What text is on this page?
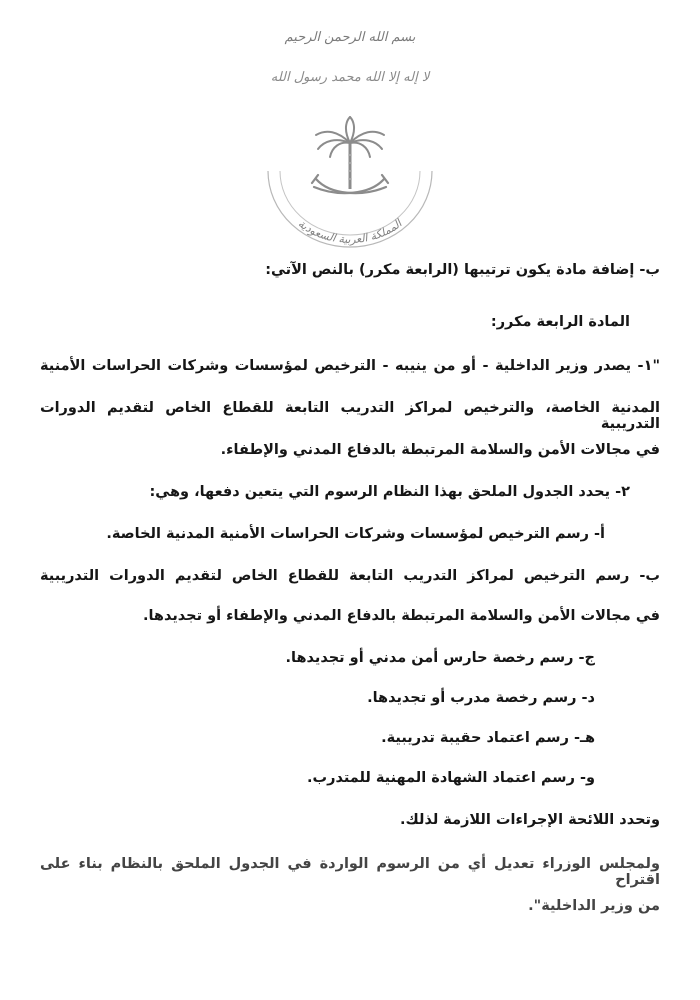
بسم الله الرحمن الرحيم
لا إله إلا الله محمد رسول الله
المملكة العربية السعودية
ب- إضافة مادة يكون ترتيبها (الرابعة مكرر) بالنص الآتي:
المادة الرابعة مكرر:
"١- يصدر وزير الداخلية - أو من ينيبه - الترخيص لمؤسسات وشركات الحراسات الأمنية
المدنية الخاصة، والترخيص لمراكز التدريب التابعة للقطاع الخاص لتقديم الدورات التدريبية
في مجالات الأمن والسلامة المرتبطة بالدفاع المدني والإطفاء.
٢- يحدد الجدول الملحق بهذا النظام الرسوم التي يتعين دفعها، وهي:
أ- رسم الترخيص لمؤسسات وشركات الحراسات الأمنية المدنية الخاصة.
ب- رسم الترخيص لمراكز التدريب التابعة للقطاع الخاص لتقديم الدورات التدريبية
في مجالات الأمن والسلامة المرتبطة بالدفاع المدني والإطفاء أو تجديدها.
ج- رسم رخصة حارس أمن مدني أو تجديدها.
د- رسم رخصة مدرب أو تجديدها.
هـ- رسم اعتماد حقيبة تدريبية.
و- رسم اعتماد الشهادة المهنية للمتدرب.
وتحدد اللائحة الإجراءات اللازمة لذلك.
ولمجلس الوزراء تعديل أي من الرسوم الواردة في الجدول الملحق بالنظام بناء على اقتراح
من وزير الداخلية".
